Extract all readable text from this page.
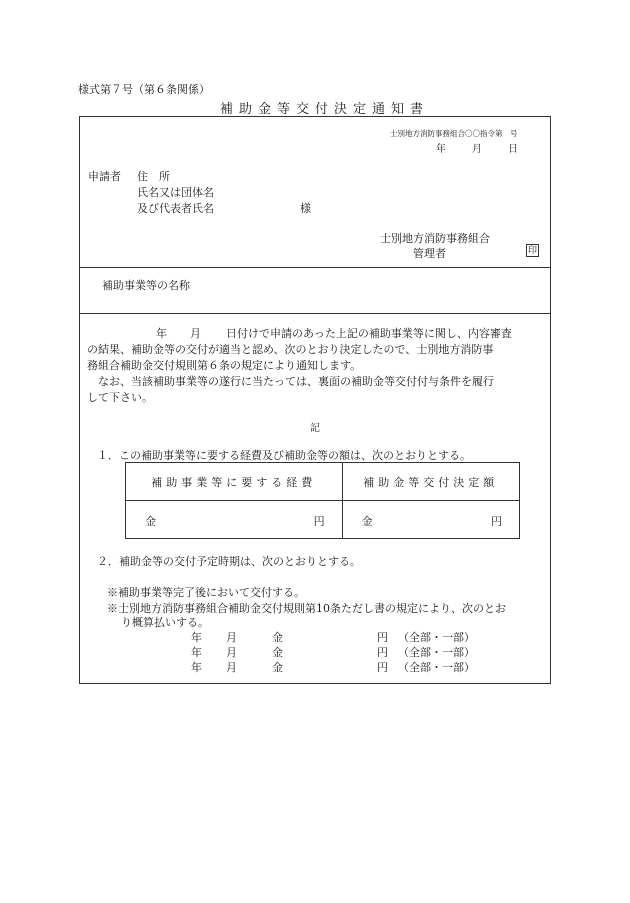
様式第７号（第６条関係）
補助金等交付決定通知書
士別地方消防事務組合〇〇指令第　号
年	月	日
申請者 住　所
氏名又は団体名
及び代表者氏名	様
士別地方消防事務組合
管理者	印
補助事業等の名称
年 月 日付けで申請のあった上記の補助事業等に関し、内容審査
の結果、補助金等の交付が適当と認め、次のとおり決定したので、士別地方消防事
務組合補助金交付規則第６条の規定により通知します。
　なお、当該補助事業等の遂行に当たっては、裏面の補助金等交付付与条件を履行
して下さい。
記
１．この補助事業等に要する経費及び補助金等の額は、次のとおりとする。
補助事業等に要する経費	補助金等交付決定額

金 円	金 円
２．補助金等の交付予定時期は、次のとおりとする。
※補助事業等完了後において交付する。
※士別地方消防事務組合補助金交付規則第10条ただし書の規定により、次のとお
り概算払いする。
年 月	金	円 （全部・一部）
年 月	金	円 （全部・一部）
年 月	金	円 （全部・一部）
